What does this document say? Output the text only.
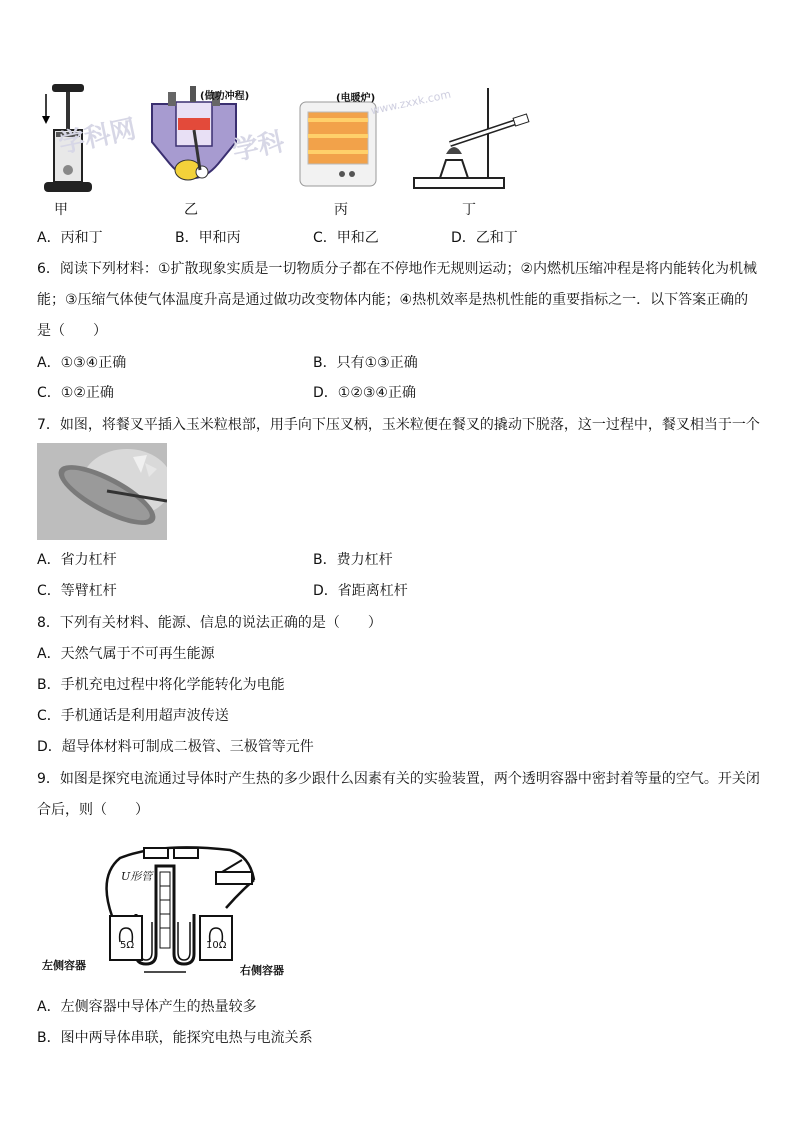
甲
(做功冲程)
乙
(电暖炉)
丙	丁
学科网	学科
www.zxxk.com
A．丙和丁	B．甲和丙	C．甲和乙	D．乙和丁
6．阅读下列材料：①扩散现象实质是一切物质分子都在不停地作无规则运动；②内燃机压缩冲程是将内能转化为机械
能；③压缩气体使气体温度升高是通过做功改变物体内能；④热机效率是热机性能的重要指标之一．以下答案正确的
是（　　）
A．①③④正确	B．只有①③正确
C．①②正确	D．①②③④正确
7．如图，将餐叉平插入玉米粒根部，用手向下压叉柄，玉米粒便在餐叉的撬动下脱落，这一过程中，餐叉相当于一个
A．省力杠杆	B．费力杠杆
C．等臂杠杆	D．省距离杠杆
8．下列有关材料、能源、信息的说法正确的是（　　）
A．天然气属于不可再生能源
B．手机充电过程中将化学能转化为电能
C．手机通话是利用超声波传送
D．超导体材料可制成二极管、三极管等元件
9．如图是探究电流通过导体时产生热的多少跟什么因素有关的实验装置，两个透明容器中密封着等量的空气。开关闭
合后，则（　　）
U形管
5Ω	10Ω
左侧容器	右侧容器
A．左侧容器中导体产生的热量较多
B．图中两导体串联，能探究电热与电流关系
